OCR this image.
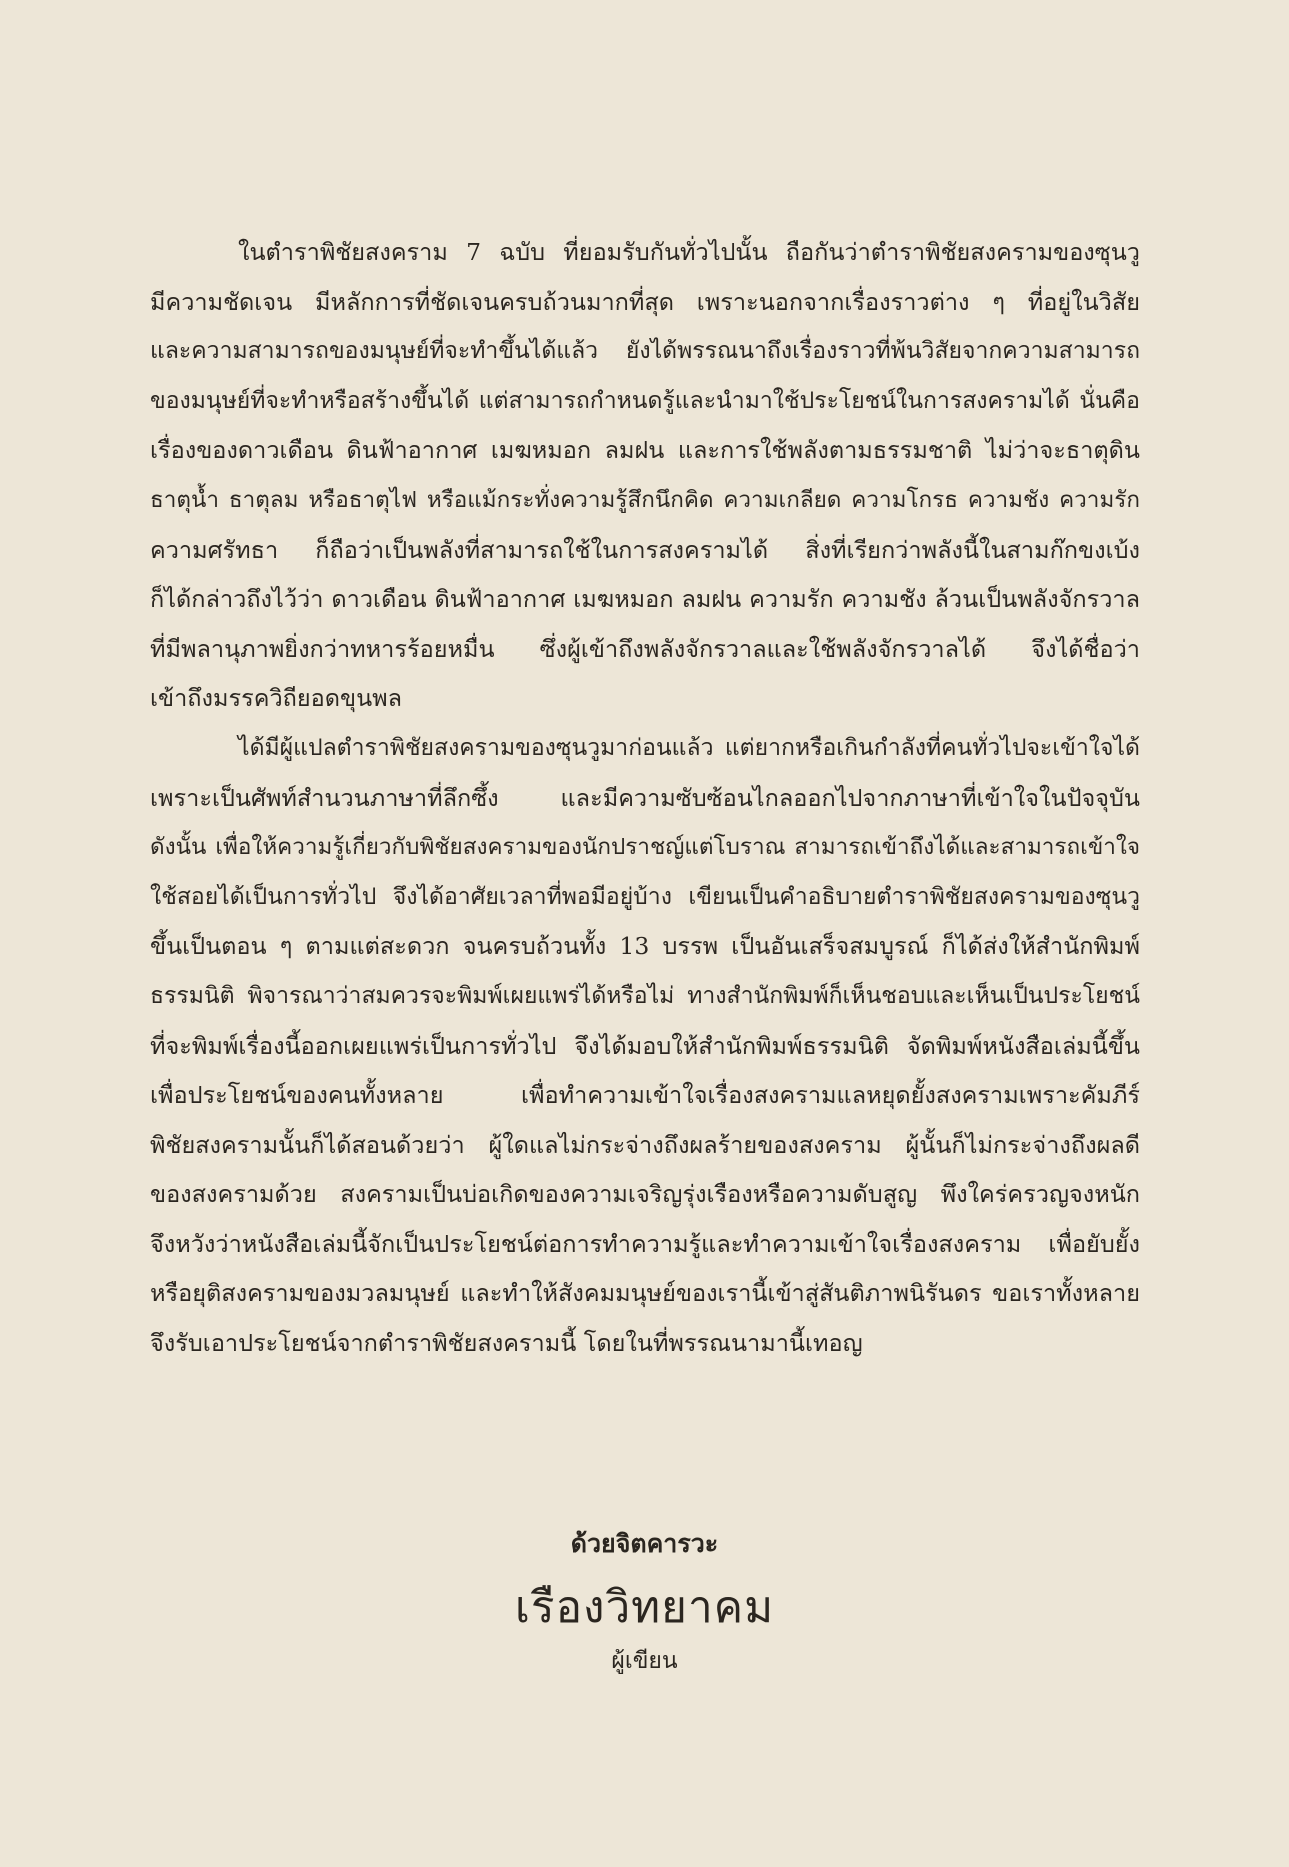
ในตำราพิชัยสงคราม 7 ฉบับ ที่ยอมรับกันทั่วไปนั้น ถือกันว่าตำราพิชัยสงครามของซุนวู
มีความชัดเจน มีหลักการที่ชัดเจนครบถ้วนมากที่สุด เพราะนอกจากเรื่องราวต่าง ๆ ที่อยู่ในวิสัย
และความสามารถของมนุษย์ที่จะทำขึ้นได้แล้ว ยังได้พรรณนาถึงเรื่องราวที่พ้นวิสัยจากความสามารถ
ของมนุษย์ที่จะทำหรือสร้างขึ้นได้ แต่สามารถกำหนดรู้และนำมาใช้ประโยชน์ในการสงครามได้ นั่นคือ
เรื่องของดาวเดือน ดินฟ้าอากาศ เมฆหมอก ลมฝน และการใช้พลังตามธรรมชาติ ไม่ว่าจะธาตุดิน
ธาตุน้ำ ธาตุลม หรือธาตุไฟ หรือแม้กระทั่งความรู้สึกนึกคิด ความเกลียด ความโกรธ ความชัง ความรัก
ความศรัทธา ก็ถือว่าเป็นพลังที่สามารถใช้ในการสงครามได้ สิ่งที่เรียกว่าพลังนี้ในสามก๊กขงเบ้ง
ก็ได้กล่าวถึงไว้ว่า ดาวเดือน ดินฟ้าอากาศ เมฆหมอก ลมฝน ความรัก ความชัง ล้วนเป็นพลังจักรวาล
ที่มีพลานุภาพยิ่งกว่าทหารร้อยหมื่น ซึ่งผู้เข้าถึงพลังจักรวาลและใช้พลังจักรวาลได้ จึงได้ชื่อว่า
เข้าถึงมรรควิถียอดขุนพล
ได้มีผู้แปลตำราพิชัยสงครามของซุนวูมาก่อนแล้ว แต่ยากหรือเกินกำลังที่คนทั่วไปจะเข้าใจได้
เพราะเป็นศัพท์สำนวนภาษาที่ลึกซึ้ง และมีความซับซ้อนไกลออกไปจากภาษาที่เข้าใจในปัจจุบัน
ดังนั้น เพื่อให้ความรู้เกี่ยวกับพิชัยสงครามของนักปราชญ์แต่โบราณ สามารถเข้าถึงได้และสามารถเข้าใจ
ใช้สอยได้เป็นการทั่วไป จึงได้อาศัยเวลาที่พอมีอยู่บ้าง เขียนเป็นคำอธิบายตำราพิชัยสงครามของซุนวู
ขึ้นเป็นตอน ๆ ตามแต่สะดวก จนครบถ้วนทั้ง 13 บรรพ เป็นอันเสร็จสมบูรณ์ ก็ได้ส่งให้สำนักพิมพ์
ธรรมนิติ พิจารณาว่าสมควรจะพิมพ์เผยแพร่ได้หรือไม่ ทางสำนักพิมพ์ก็เห็นชอบและเห็นเป็นประโยชน์
ที่จะพิมพ์เรื่องนี้ออกเผยแพร่เป็นการทั่วไป จึงได้มอบให้สำนักพิมพ์ธรรมนิติ จัดพิมพ์หนังสือเล่มนี้ขึ้น
เพื่อประโยชน์ของคนทั้งหลาย เพื่อทำความเข้าใจเรื่องสงครามแลหยุดยั้งสงครามเพราะคัมภีร์
พิชัยสงครามนั้นก็ได้สอนด้วยว่า ผู้ใดแลไม่กระจ่างถึงผลร้ายของสงคราม ผู้นั้นก็ไม่กระจ่างถึงผลดี
ของสงครามด้วย สงครามเป็นบ่อเกิดของความเจริญรุ่งเรืองหรือความดับสูญ พึงใคร่ครวญจงหนัก
จึงหวังว่าหนังสือเล่มนี้จักเป็นประโยชน์ต่อการทำความรู้และทำความเข้าใจเรื่องสงคราม เพื่อยับยั้ง
หรือยุติสงครามของมวลมนุษย์ และทำให้สังคมมนุษย์ของเรานี้เข้าสู่สันติภาพนิรันดร ขอเราทั้งหลาย
จึงรับเอาประโยชน์จากตำราพิชัยสงครามนี้ โดยในที่พรรณนามานี้เทอญ
ด้วยจิตคารวะ
เรืองวิทยาคม
ผู้เขียน
